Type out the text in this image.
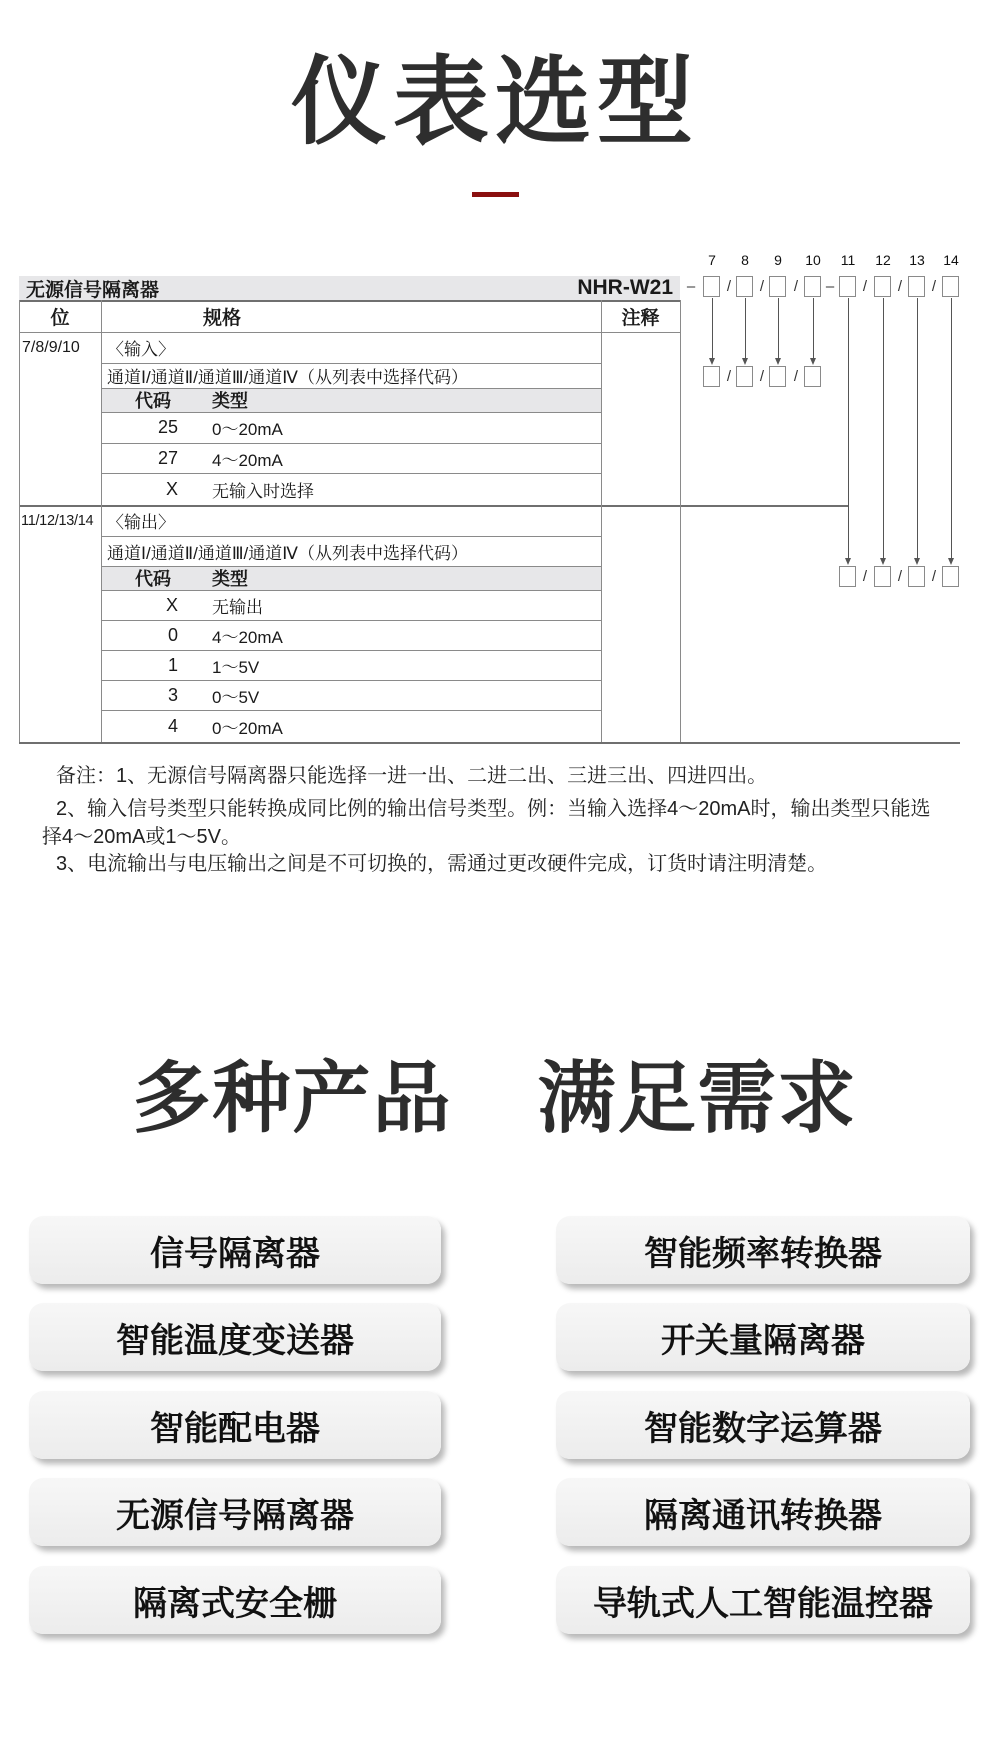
仪表选型
无源信号隔离器	NHR-W21
位	规格	注释
7/8/9/10 〈输入〉
通道Ⅰ/通道Ⅱ/通道Ⅲ/通道Ⅳ（从列表中选择代码）
代码	类型
25 0～20mA
27 4～20mA
X 无输入时选择
11/12/13/14 〈输出〉
通道Ⅰ/通道Ⅱ/通道Ⅲ/通道Ⅳ（从列表中选择代码）
代码	类型
X 无输出
0 4～20mA
1 1～5V
3 0～5V
4 0～20mA
7 8 9 10 11 12 13 14
–	/	/	/	–	/	/	/
/	/	/
/	/	/
备注：1、无源信号隔离器只能选择一进一出、二进二出、三进三出、四进四出。
2、输入信号类型只能转换成同比例的输出信号类型。例：当输入选择4～20mA时，输出类型只能选择4～20mA或1～5V。
3、电流输出与电压输出之间是不可切换的，需通过更改硬件完成，订货时请注明清楚。
多种产品 满足需求
信号隔离器
智能温度变送器
智能配电器
无源信号隔离器
隔离式安全栅
智能频率转换器
开关量隔离器
智能数字运算器
隔离通讯转换器
导轨式人工智能温控器
